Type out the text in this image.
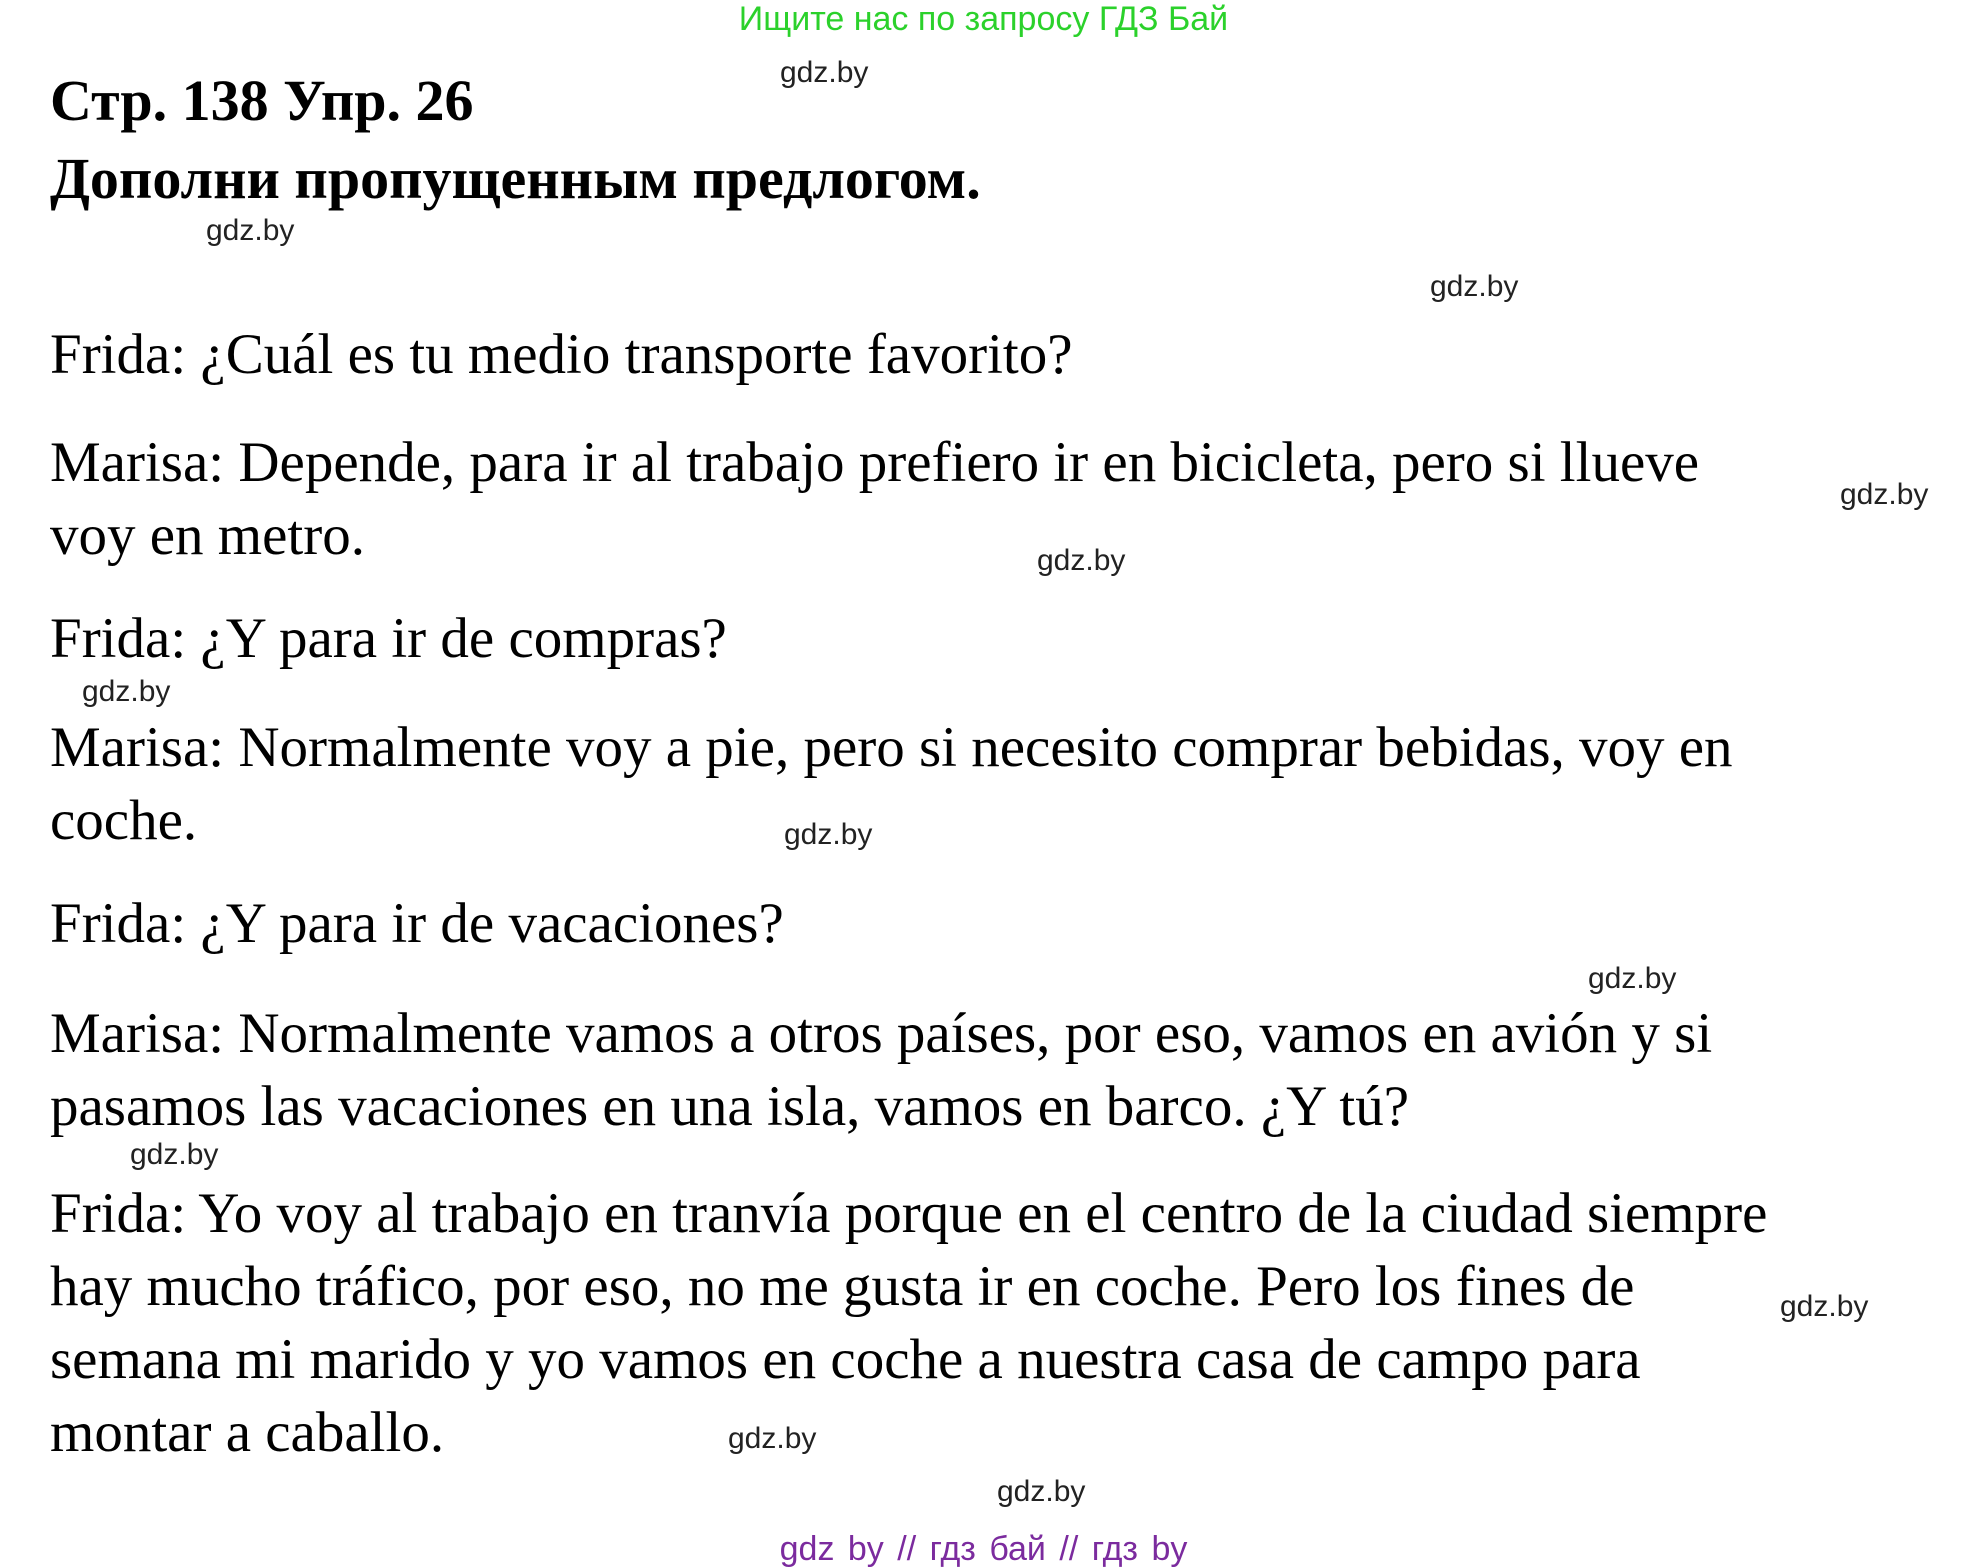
Ищите нас по запросу ГДЗ Бай
Стр. 138 Упр. 26
Дополни пропущенным предлогом.
Frida: ¿Cuál es tu medio transporte favorito?
Marisa: Depende, para ir al trabajo prefiero ir en bicicleta, pero si llueve
voy en metro.
Frida: ¿Y para ir de compras?
Marisa: Normalmente voy a pie, pero si necesito comprar bebidas, voy en
coche.
Frida: ¿Y para ir de vacaciones?
Marisa: Normalmente vamos a otros países, por eso, vamos en avión y si
pasamos las vacaciones en una isla, vamos en barco. ¿Y tú?
Frida: Yo voy al trabajo en tranvía porque en el centro de la ciudad siempre
hay mucho tráfico, por eso, no me gusta ir en coche. Pero los fines de
semana mi marido y yo vamos en coche a nuestra casa de campo para
montar a caballo.
gdz.by
gdz.by
gdz.by
gdz.by
gdz.by
gdz.by
gdz.by
gdz.by
gdz.by
gdz.by
gdz.by
gdz.by
gdz by // гдз бай // гдз by
